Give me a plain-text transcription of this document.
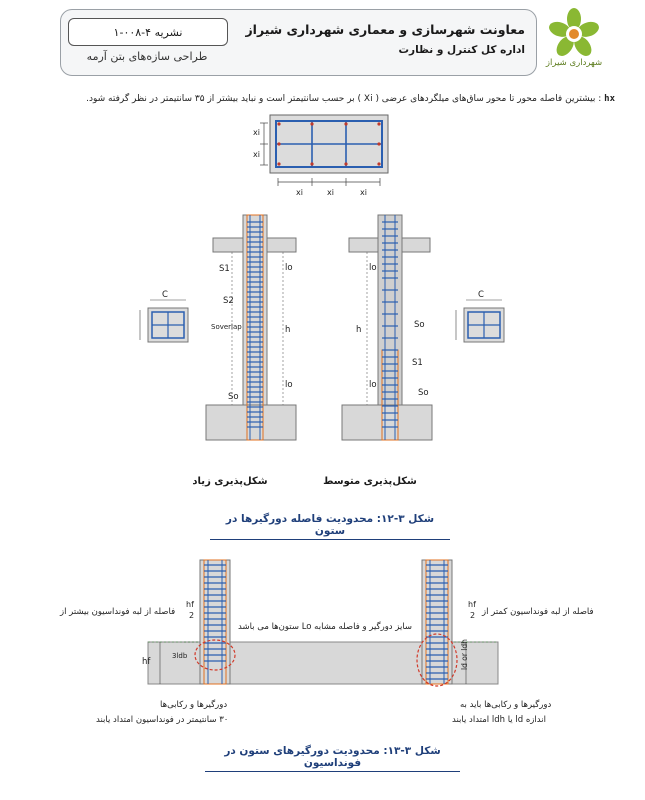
نشریه ۴-۰۰۸-۱
طراحی سازه‌های بتن آرمه
معاونت شهرسازی و معماری شهرداری شیراز
اداره کل کنترل و نظارت
شهرداری شیراز
hx : بیشترین فاصله محور تا محور ساق‌های میلگردهای عرضی ( Xi ) بر حسب سانتیمتر است و نباید بیشتر از ۳۵ سانتیمتر در نظر گرفته شود.
xi	xi	xi
xi
xi
C	C
S1
S2
Soverlap
So
lo
h
lo
lo
h
lo
So
S1
So
شکل‌پذیری زیاد	شکل‌پذیری متوسط
شکل ۳-۱۲: محدودیت فاصله دورگیرها در ستون
فاصله از لبه فونداسیون بیشتر از
hf
2
hf
2 فاصله از لبه فونداسیون کمتر از
سایز دورگیر و فاصله مشابه Lo ستون‌ها می باشد
hf
3ldb	ld or ldh
دورگیرها و رکابی‌ها
۳۰ سانتیمتر در فونداسیون امتداد یابند
دورگیرها و رکابی‌ها باید به
اندازه ld یا ldh امتداد یابند
شکل ۳-۱۳: محدودیت دورگیرهای ستون در فونداسیون
